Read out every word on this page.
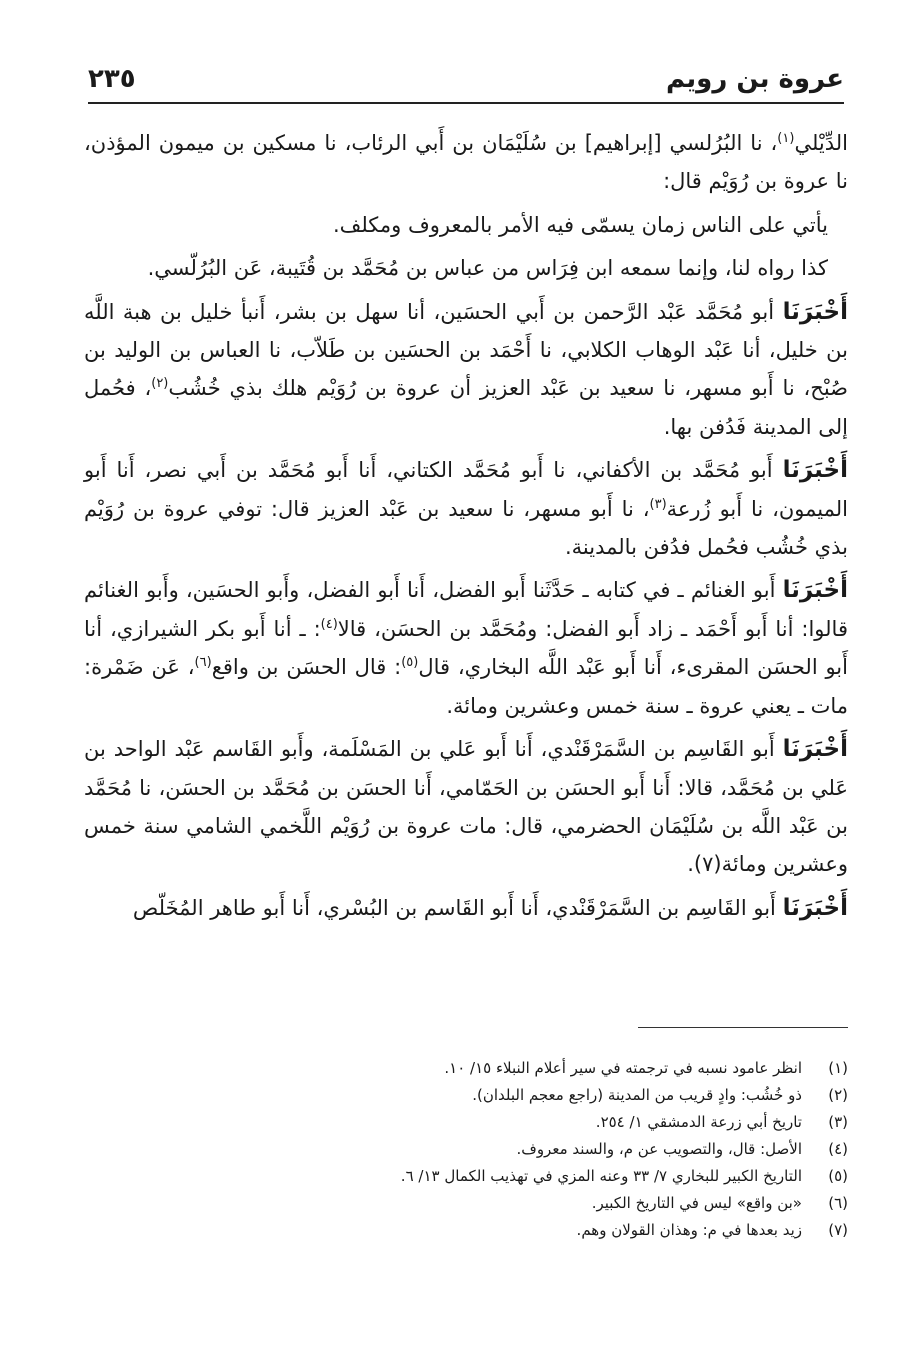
عروة بن رويم
٢٣٥

الدِّيْلي$^{(١)}$، نا البُرُلسي [إبراهيم] بن سُلَيْمَان بن أَبي الرئاب، نا مسكين بن ميمون المؤذن، نا عروة بن رُوَيْم قال:

يأتي على الناس زمان يسمّى فيه الأمر بالمعروف ومكلف.

كذا رواه لنا، وإنما سمعه ابن فِرَاس من عباس بن مُحَمَّد بن قُتَيبة، عَن البُرُلّسي.

أَخْبَرَنَا أبو مُحَمَّد عَبْد الرَّحمن بن أَبي الحسَين، أنا سهل بن بشر، أَنبأ خليل بن هبة اللَّه بن خليل، أنا عَبْد الوهاب الكلابي، نا أَحْمَد بن الحسَين بن طَلاّب، نا العباس بن الوليد بن صُبْح، نا أَبو مسهر، نا سعيد بن عَبْد العزيز أن عروة بن رُوَيْم هلك بذي خُشُب$^{(٢)}$، فحُمل إلى المدينة فَدُفن بها.

أَخْبَرَنَا أَبو مُحَمَّد بن الأكفاني، نا أَبو مُحَمَّد الكتاني، أَنا أَبو مُحَمَّد بن أَبي نصر، أَنا أَبو الميمون، نا أَبو زُرعة$^{(٣)}$، نا أَبو مسهر، نا سعيد بن عَبْد العزيز قال: توفي عروة بن رُوَيْم بذي خُشُب فحُمل فدُفن بالمدينة.

أَخْبَرَنَا أَبو الغنائم ـ في كتابه ـ حَدَّثَنا أَبو الفضل، أَنا أَبو الفضل، وأَبو الحسَين، وأَبو الغنائم قالوا: أنا أَبو أَحْمَد ـ زاد أَبو الفضل: ومُحَمَّد بن الحسَن، قالا$^{(٤)}$: ـ أنا أَبو بكر الشيرازي، أنا أَبو الحسَن المقرىء، أَنا أَبو عَبْد اللَّه البخاري، قال$^{(٥)}$: قال الحسَن بن واقع$^{(٦)}$، عَن ضَمْرة: مات ـ يعني عروة ـ سنة خمس وعشرين ومائة.

أَخْبَرَنَا أَبو القَاسِم بن السَّمَرْقَنْدي، أَنا أَبو عَلي بن المَسْلَمة، وأَبو القَاسم عَبْد الواحد بن عَلي بن مُحَمَّد، قالا: أَنا أَبو الحسَن بن الحَمّامي، أَنا الحسَن بن مُحَمَّد بن الحسَن، نا مُحَمَّد بن عَبْد اللَّه بن سُلَيْمَان الحضرمي، قال: مات عروة بن رُوَيْم اللَّخمي الشامي سنة خمس وعشرين ومائة(٧).

أَخْبَرَنَا أَبو القَاسِم بن السَّمَرْقَنْدي، أَنا أَبو القَاسم بن البُسْري، أَنا أَبو طاهر المُخَلّص

(١)
انظر عامود نسبه في ترجمته في سير أعلام النبلاء ١٥/ ١٠.
(٢)
ذو خُشُب: وادٍ قريب من المدينة (راجع معجم البلدان).
(٣)
تاريخ أبي زرعة الدمشقي ١/ ٢٥٤.
(٤)
الأصل: قال، والتصويب عن م، والسند معروف.
(٥)
التاريخ الكبير للبخاري ٧/ ٣٣ وعنه المزي في تهذيب الكمال ١٣/ ٦.
(٦)
«بن واقع» ليس في التاريخ الكبير.
(٧)
زيد بعدها في م: وهذان القولان وهم.
